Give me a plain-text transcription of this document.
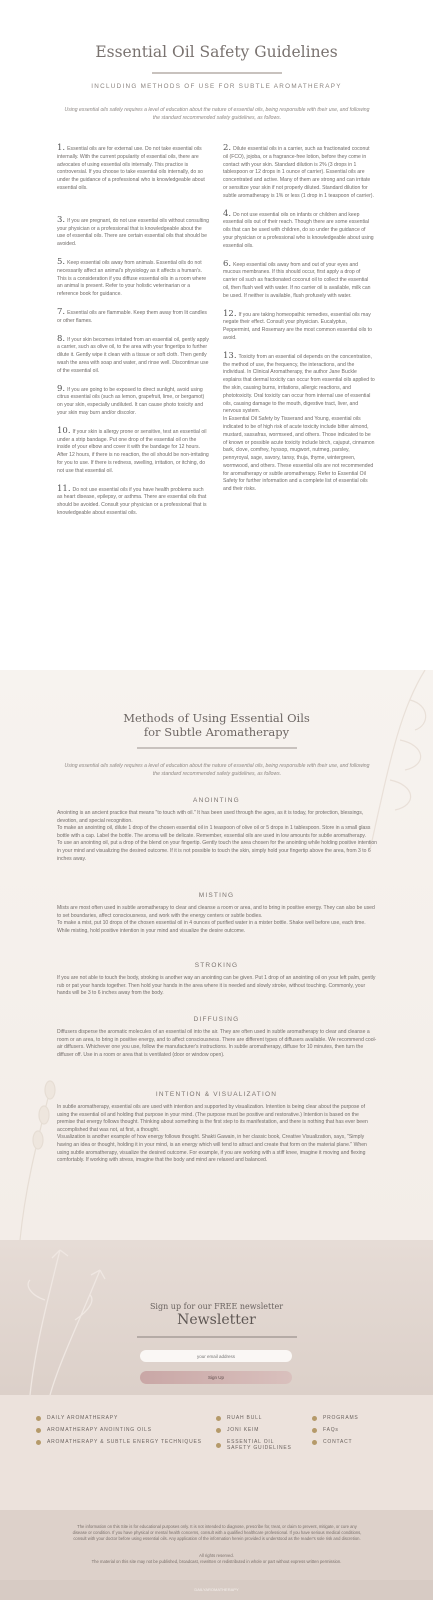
Essential Oil Safety Guidelines
INCLUDING METHODS OF USE FOR SUBTLE AROMATHERAPY

Using essential oils safely requires a level of education about the nature of essential oils, being responsible with their use, and following the standard recommended safety guidelines, as follows.

1. Essential oils are for external use. Do not take essential oils internally. With the current popularity of essential oils, there are advocates of using essential oils internally. This practice is controversial. If you choose to take essential oils internally, do so under the guidance of a professional who is knowledgeable about essential oils.

3. If you are pregnant, do not use essential oils without consulting your physician or a professional that is knowledgeable about the use of essential oils. There are certain essential oils that should be avoided.

5. Keep essential oils away from animals. Essential oils do not necessarily affect an animal's physiology as it affects a human's. This is a consideration if you diffuse essential oils in a room where an animal is present. Refer to your holistic veterinarian or a reference book for guidance.

7. Essential oils are flammable. Keep them away from lit candles or other flames.

8. If your skin becomes irritated from an essential oil, gently apply a carrier, such as olive oil, to the area with your fingertips to further dilute it. Gently wipe it clean with a tissue or soft cloth. Then gently wash the area with soap and water, and rinse well. Discontinue use of the essential oil.

9. If you are going to be exposed to direct sunlight, avoid using citrus essential oils (such as lemon, grapefruit, lime, or bergamot) on your skin, especially undiluted. It can cause photo toxicity and your skin may burn and/or discolor.

10. If your skin is allergy prone or sensitive, test an essential oil under a strip bandage. Put one drop of the essential oil on the inside of your elbow and cover it with the bandage for 12 hours. After 12 hours, if there is no reaction, the oil should be non-irritating for you to use. If there is redness, swelling, irritation, or itching, do not use that essential oil.

11. Do not use essential oils if you have health problems such as heart disease, epilepsy, or asthma. There are essential oils that should be avoided. Consult your physician or a professional that is knowledgeable about essential oils.

2. Dilute essential oils in a carrier, such as fractionated coconut oil (FCO), jojoba, or a fragrance-free lotion, before they come in contact with your skin. Standard dilution is 2% (3 drops in 1 tablespoon or 12 drops in 1 ounce of carrier). Essential oils are concentrated and active. Many of them are strong and can irritate or sensitize your skin if not properly diluted. Standard dilution for subtle aromatherapy is 1% or less (1 drop in 1 teaspoon of carrier).

4. Do not use essential oils on infants or children and keep essential oils out of their reach. Though there are some essential oils that can be used with children, do so under the guidance of your physician or a professional who is knowledgeable about using essential oils.

6. Keep essential oils away from and out of your eyes and mucous membranes. If this should occur, first apply a drop of carrier oil such as fractionated coconut oil to collect the essential oil, then flush well with water. If no carrier oil is available, milk can be used. If neither is available, flush profusely with water.

12. If you are taking homeopathic remedies, essential oils may negate their effect. Consult your physician. Eucalyptus, Peppermint, and Rosemary are the most common essential oils to avoid.

13. Toxicity from an essential oil depends on the concentration, the method of use, the frequency, the interactions, and the individual. In Clinical Aromatherapy, the author Jane Buckle explains that dermal toxicity can occur from essential oils applied to the skin, causing burns, irritations, allergic reactions, and phototoxicity. Oral toxicity can occur from internal use of essential oils, causing damage to the mouth, digestive tract, liver, and nervous system.

In Essential Oil Safety by Tisserand and Young, essential oils indicated to be of high risk of acute toxicity include bitter almond, mustard, sassafras, wormseed, and others. Those indicated to be of known or possible acute toxicity include birch, cajuput, cinnamon bark, clove, comfrey, hyssop, mugwort, nutmeg, parsley, pennyroyal, sage, savory, tansy, thuja, thyme, wintergreen, wormwood, and others. These essential oils are not recommended for aromatherapy or subtle aromatherapy. Refer to Essential Oil Safety for further information and a complete list of essential oils and their risks.

Methods of Using Essential Oils
for Subtle Aromatherapy

Using essential oils safely requires a level of education about the nature of essential oils, being responsible with their use, and following the standard recommended safety guidelines, as follows.

ANOINTING

Anointing is an ancient practice that means "to touch with oil." It has been used through the ages, as it is today, for protection, blessings, devotion, and special recognition.

To make an anointing oil, dilute 1 drop of the chosen essential oil in 1 teaspoon of olive oil or 5 drops in 1 tablespoon. Store in a small glass bottle with a cap. Label the bottle. The aroma will be delicate. Remember, essential oils are used in low amounts for subtle aromatherapy.

To use an anointing oil, put a drop of the blend on your fingertip. Gently touch the area chosen for the anointing while holding positive intention in your mind and visualizing the desired outcome. If it is not possible to touch the skin, simply hold your fingertip above the area, from 3 to 6 inches away.

MISTING

Mists are most often used in subtle aromatherapy to clear and cleanse a room or area, and to bring in positive energy. They can also be used to set boundaries, affect consciousness, and work with the energy centers or subtle bodies.

To make a mist, put 10 drops of the chosen essential oil in 4 ounces of purified water in a mister bottle. Shake well before use, each time. While misting, hold positive intention in your mind and visualize the desire outcome.

STROKING

If you are not able to touch the body, stroking is another way an anointing can be given. Put 1 drop of an anointing oil on your left palm, gently rub or pat your hands together. Then hold your hands in the area where it is needed and slowly stroke, without touching. Commonly, your hands will be 3 to 6 inches away from the body.

DIFFUSING

Diffusers disperse the aromatic molecules of an essential oil into the air. They are often used in subtle aromatherapy to clear and cleanse a room or an area, to bring in positive energy, and to affect consciousness. There are different types of diffusers available. We recommend cool-air diffusers. Whichever one you use, follow the manufacturer's instructions. In subtle aromatherapy, diffuse for 10 minutes, then turn the diffuser off. Use in a room or area that is ventilated (door or window open).

INTENTION & VISUALIZATION

In subtle aromatherapy, essential oils are used with intention and supported by visualization. Intention is being clear about the purpose of using the essential oil and holding that purpose in your mind. (The purpose must be positive and restorative.) Intention is based on the premise that energy follows thought. Thinking about something is the first step to its manifestation, and there is nothing that has ever been accomplished that was not, at first, a thought.

Visualization is another example of how energy follows thought. Shakti Gawain, in her classic book, Creative Visualization, says, "Simply having an idea or thought, holding it in your mind, is an energy which will tend to attract and create that form on the material plane." When using subtle aromatherapy, visualize the desired outcome. For example, if you are working with a stiff knee, imagine it moving and flexing comfortably. If working with stress, imagine that the body and mind are relaxed and balanced.

Sign up for our FREE newsletter
Newsletter
your email address
Sign Up
DAILY AROMATHERAPY
AROMATHERAPY ANOINTING OILS
AROMATHERAPY & SUBTLE ENERGY TECHNIQUES
RUAH BULL
JONI KEIM
ESSENTIAL OIL SAFETY GUIDELINES
PROGRAMS
FAQs
CONTACT

The information on this Site is for educational purposes only. It is not intended to diagnose, prescribe for, treat, or claim to prevent, mitigate, or cure any disease or condition. If you have physical or mental health concerns, consult with a qualified healthcare professional. If you have serious medical conditions, consult with your doctor before using essential oils. Any application of the information herein provided is understood as the reader's sole risk and discretion.

All rights reserved.

The material on this site may not be published, broadcast, rewritten or redistributed in whole or part without express written permission.

DAILYAROMATHERAPY
